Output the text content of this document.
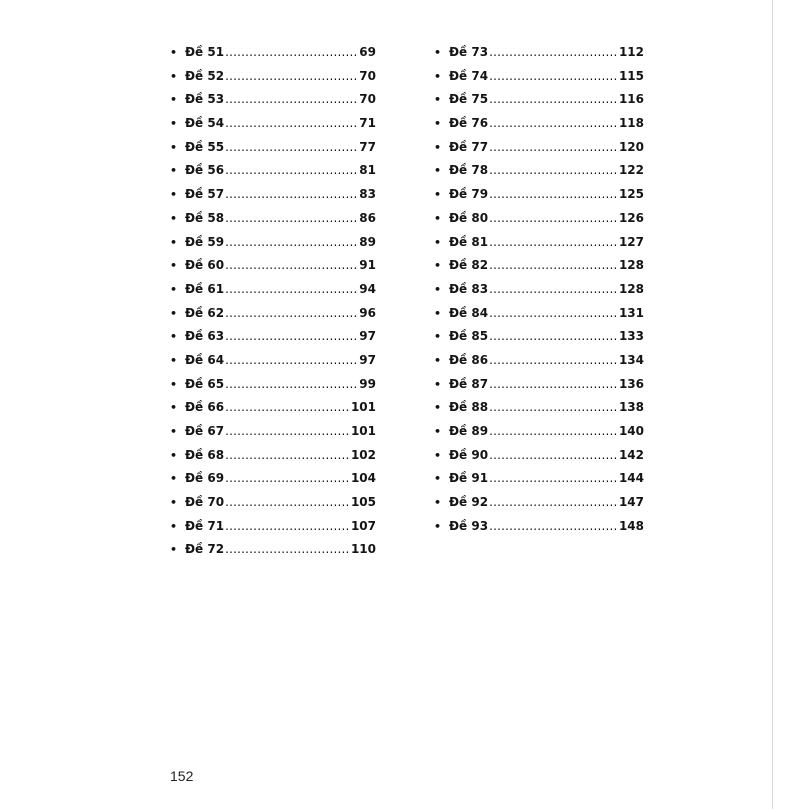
• Đề 51 .....	69
• Đề 52 .....	70
• Đề 53 .....	70
• Đề 54 .....	71
• Đề 55 .....	77
• Đề 56 .....	81
• Đề 57 .....	83
• Đề 58 .....	86
• Đề 59 .....	89
• Đề 60 .....	91
• Đề 61 .....	94
• Đề 62 .....	96
• Đề 63 .....	97
• Đề 64 .....	97
• Đề 65 .....	99
• Đề 66 .....	101
• Đề 67 .....	101
• Đề 68 .....	102
• Đề 69 .....	104
• Đề 70 .....	105
• Đề 71 .....	107
• Đề 72 .....	110
• Đề 73 .....	112
• Đề 74 .....	115
• Đề 75 .....	116
• Đề 76 .....	118
• Đề 77 .....	120
• Đề 78 .....	122
• Đề 79 .....	125
• Đề 80 .....	126
• Đề 81 .....	127
• Đề 82 .....	128
• Đề 83 .....	128
• Đề 84 .....	131
• Đề 85 .....	133
• Đề 86 .....	134
• Đề 87 .....	136
• Đề 88 .....	138
• Đề 89 .....	140
• Đề 90 .....	142
• Đề 91 .....	144
• Đề 92 .....	147
• Đề 93 .....	148
152
